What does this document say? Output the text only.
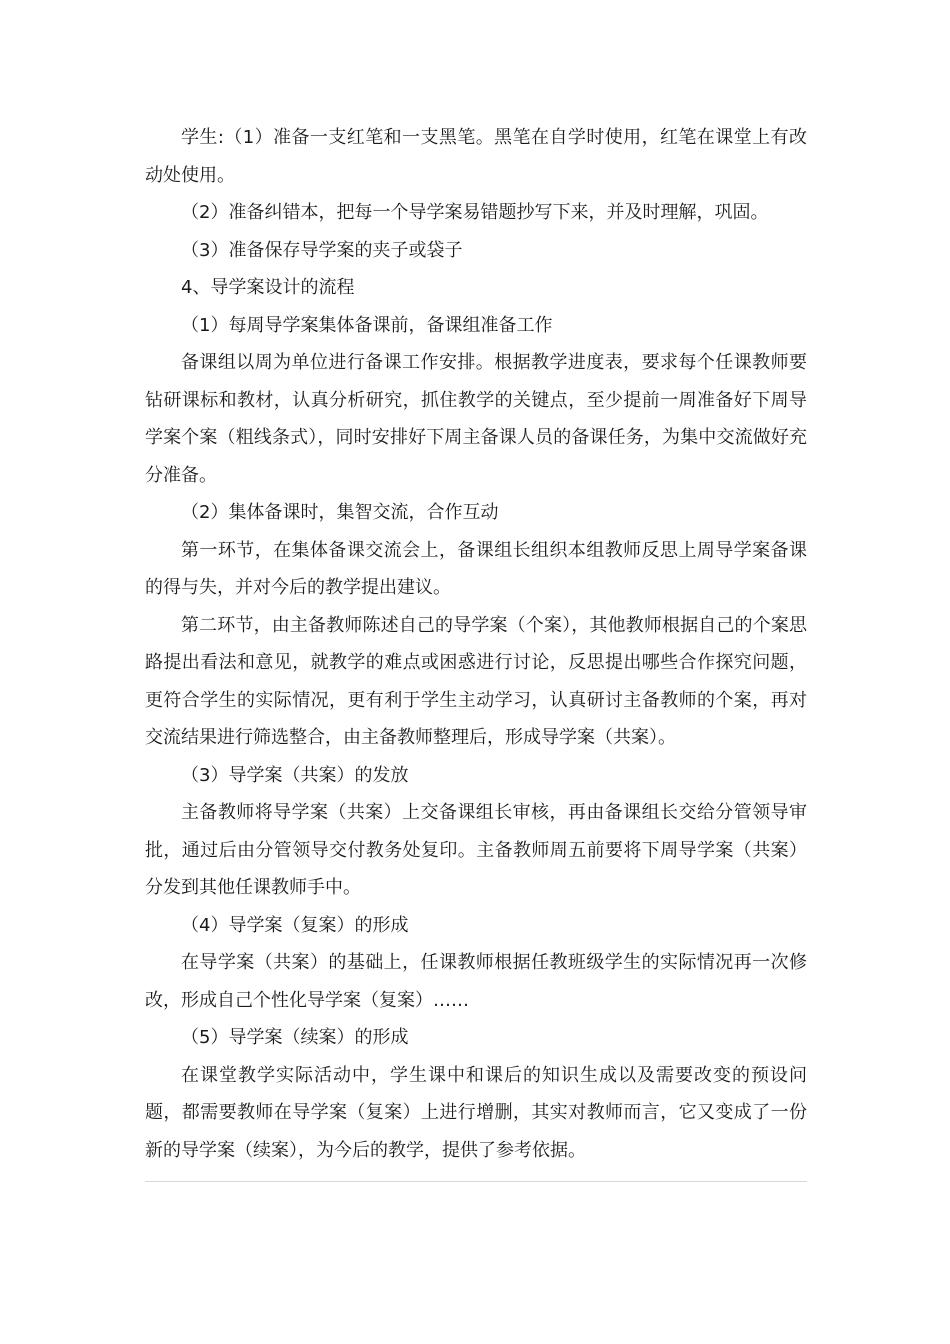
学生:（1）准备一支红笔和一支黑笔。黑笔在自学时使用，红笔在课堂上有改动处使用。

（2）准备纠错本，把每一个导学案易错题抄写下来，并及时理解，巩固。

（3）准备保存导学案的夹子或袋子

4、导学案设计的流程

（1）每周导学案集体备课前，备课组准备工作

备课组以周为单位进行备课工作安排。根据教学进度表，要求每个任课教师要钻研课标和教材，认真分析研究，抓住教学的关键点，至少提前一周准备好下周导学案个案（粗线条式），同时安排好下周主备课人员的备课任务，为集中交流做好充分准备。

（2）集体备课时，集智交流，合作互动

第一环节，在集体备课交流会上，备课组长组织本组教师反思上周导学案备课的得与失，并对今后的教学提出建议。

第二环节，由主备教师陈述自己的导学案（个案），其他教师根据自己的个案思路提出看法和意见，就教学的难点或困惑进行讨论，反思提出哪些合作探究问题，更符合学生的实际情况，更有利于学生主动学习，认真研讨主备教师的个案，再对交流结果进行筛选整合，由主备教师整理后，形成导学案（共案）。

（3）导学案（共案）的发放

主备教师将导学案（共案）上交备课组长审核，再由备课组长交给分管领导审批，通过后由分管领导交付教务处复印。主备教师周五前要将下周导学案（共案）分发到其他任课教师手中。

（4）导学案（复案）的形成

在导学案（共案）的基础上，任课教师根据任教班级学生的实际情况再一次修改，形成自己个性化导学案（复案）……

（5）导学案（续案）的形成

在课堂教学实际活动中，学生课中和课后的知识生成以及需要改变的预设问题，都需要教师在导学案（复案）上进行增删，其实对教师而言，它又变成了一份新的导学案（续案），为今后的教学，提供了参考依据。
